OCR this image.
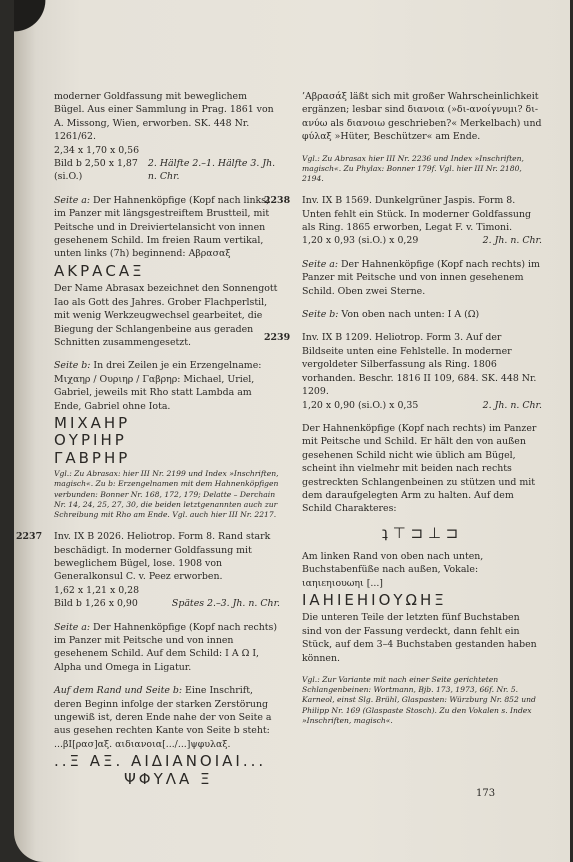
moderner Goldfassung mit beweglichem Bügel. Aus einer Sammlung in Prag. 1861 von A. Missong, Wien, erworben. SK. 448 Nr. 1261/62.

2,34 x 1,70 x 0,56

Bild b 2,50 x 1,87 (si.O.)
2. Hälfte 2.–1. Hälfte 3. Jh. n. Chr.

Seite a: Der Hahnenköpfige (Kopf nach links) im Panzer mit längsgestreiftem Brustteil, mit Peitsche und in Dreiviertelansicht von innen gesehenem Schild. Im freien Raum vertikal, unten links (7h) beginnend: Αβρασαξ

ΑΚΡΑCΑΞ

Der Name Abrasax bezeichnet den Sonnengott Iao als Gott des Jahres. Grober Flachperlstil, mit wenig Werkzeugwechsel gearbeitet, die Biegung der Schlangenbeine aus geraden Schnitten zusammengesetzt.

Seite b: In drei Zeilen je ein Erzengelname: Μιχαηρ / Ουριηρ / Γαβρηρ: Michael, Uriel, Gabriel, jeweils mit Rho statt Lambda am Ende, Gabriel ohne Iota.

ΜΙΧΑΗΡ
ΟΥΡΙΗΡ
ΓΑΒΡΗΡ

Vgl.: Zu Abrasax: hier III Nr. 2199 und Index »Inschriften, magisch«. Zu b: Erzengelnamen mit dem Hahnenköpfigen verbunden: Bonner Nr. 168, 172, 179; Delatte – Derchain Nr. 14, 24, 25, 27, 30, die beiden letztgenannten auch zur Schreibung mit Rho am Ende. Vgl. auch hier III Nr. 2217.

2237 Inv. IX B 2026. Heliotrop. Form 8. Rand stark beschädigt. In moderner Goldfassung mit beweglichem Bügel, lose. 1908 von Generalkonsul C. v. Peez erworben.

1,62 x 1,21 x 0,28

Bild b 1,26 x 0,90	Spätes 2.–3. Jh. n. Chr.

Seite a: Der Hahnenköpfige (Kopf nach rechts) im Panzer mit Peitsche und von innen gesehenem Schild. Auf dem Schild: I A Ω I, Alpha und Omega in Ligatur.

Auf dem Rand und Seite b: Eine Inschrift, deren Beginn infolge der starken Zerstörung ungewiß ist, deren Ende nahe der von Seite a aus gesehen rechten Kante von Seite b steht: ...βΙ[ρασ]αξ. αιδιανοια[.../...]ψφυλαξ.

..Ξ ΑΞ. ΑΙΔΙΑΝΟΙΑΙ...
ΨΦΥΛΑ Ξ

’Αβρασάξ läßt sich mit großer Wahrscheinlichkeit ergänzen; lesbar sind διανοια (»δι-ανοίγνυμι? δι-ανύω als διανοιω geschrieben?« Merkelbach) und φύλαξ »Hüter, Beschützer« am Ende.

Vgl.: Zu Abrasax hier III Nr. 2236 und Index »Inschriften, magisch«. Zu Phylax: Bonner 179f. Vgl. hier III Nr. 2180, 2194.

2238 Inv. IX B 1569. Dunkelgrüner Jaspis. Form 8. Unten fehlt ein Stück. In moderner Goldfassung als Ring. 1865 erworben, Legat F. v. Timoni.

1,20 x 0,93 (si.O.) x 0,29	2. Jh. n. Chr.

Seite a: Der Hahnenköpfige (Kopf nach rechts) im Panzer mit Peitsche und von innen gesehenem Schild. Oben zwei Sterne.

Seite b: Von oben nach unten: I A (Ω)

2239 Inv. IX B 1209. Heliotrop. Form 3. Auf der Bildseite unten eine Fehlstelle. In moderner vergoldeter Silberfassung als Ring. 1806 vorhanden. Beschr. 1816 II 109, 684. SK. 448 Nr. 1209.

1,20 x 0,90 (si.O.) x 0,35	2. Jh. n. Chr.

Der Hahnenköpfige (Kopf nach rechts) im Panzer mit Peitsche und Schild. Er hält den von außen gesehenen Schild nicht wie üblich am Bügel, scheint ihn vielmehr mit beiden nach rechts gestreckten Schlangenbeinen zu stützen und mit dem daraufgelegten Arm zu halten. Auf dem Schild Charakteres:

ʇ ⊤ ⊐ ⊥ ⊐

Am linken Rand von oben nach unten, Buchstabenfüße nach außen, Vokale: ιαηιεηιουωηι [...]

ΙΑΗΙΕΗΙΟΥΩΗΞ

Die unteren Teile der letzten fünf Buchstaben sind von der Fassung verdeckt, dann fehlt ein Stück, auf dem 3–4 Buchstaben gestanden haben können.

Vgl.: Zur Variante mit nach einer Seite gerichteten Schlangenbeinen: Wortmann, Bjb. 173, 1973, 66f. Nr. 5. Karneol, einst Slg. Brühl, Glaspasten: Würzburg Nr. 852 und Philipp Nr. 169 (Glaspaste Stosch). Zu den Vokalen s. Index »Inschriften, magisch«.

173
